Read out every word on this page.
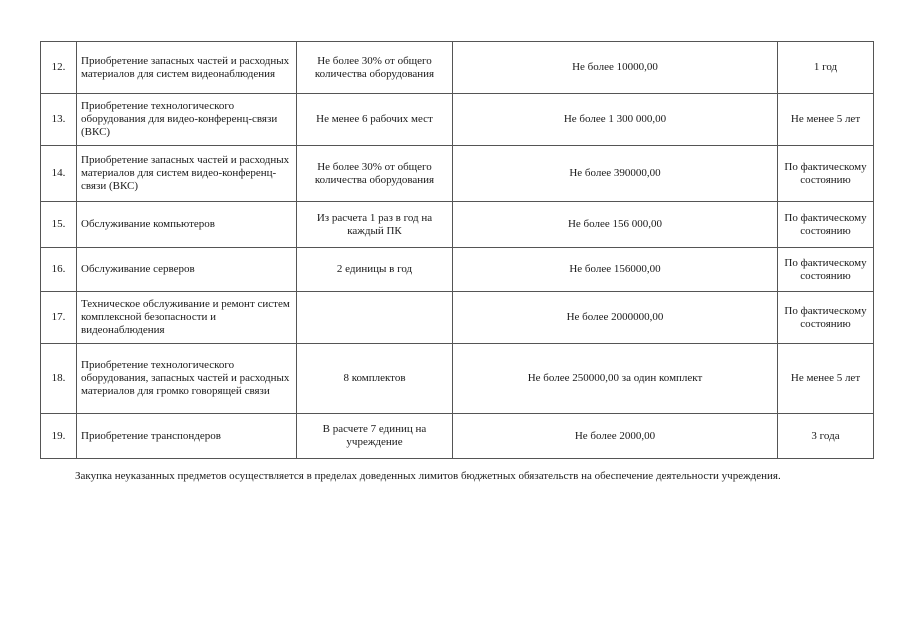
12.	Приобретение запасных частей и расходных материалов для систем видеонаблюдения	Не более 30% от общего количества оборудования	Не более 10000,00	1 год
13.	Приобретение технологического оборудования для видео-конференц-связи (ВКС)	Не менее 6 рабочих мест	Не более 1 300 000,00	Не менее 5 лет
14.	Приобретение запасных частей и расходных материалов для систем видео-конференц-связи (ВКС)	Не более 30% от общего количества оборудования	Не более 390000,00	По фактическому состоянию
15.	Обслуживание компьютеров	Из расчета 1 раз в год на каждый ПК	Не более 156 000,00	По фактическому состоянию
16.	Обслуживание серверов	2 единицы в год	Не более 156000,00	По фактическому состоянию
17.	Техническое обслуживание и ремонт систем комплексной безопасности и видеонаблюдения		Не более 2000000,00	По фактическому состоянию
18.	Приобретение технологического оборудования, запасных частей и расходных материалов для громко говорящей связи	8 комплектов	Не более 250000,00 за один комплект	Не менее 5 лет
19.	Приобретение транспондеров	В расчете 7 единиц на учреждение	Не более 2000,00	3 года

Закупка неуказанных предметов осуществляется в пределах доведенных лимитов бюджетных обязательств на обеспечение деятельности учреждения.
